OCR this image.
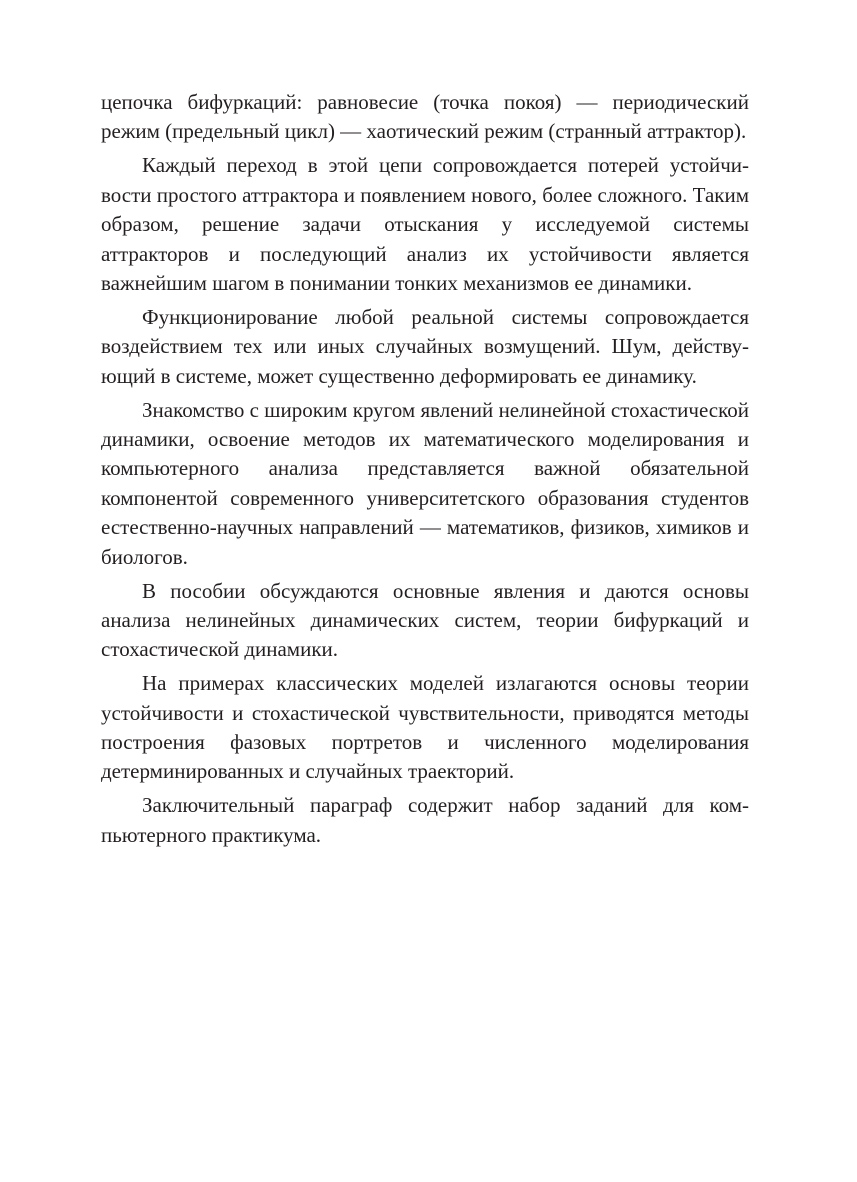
цепочка бифуркаций: равновесие (точка покоя) — периодический режим (предельный цикл) — хаотический режим (странный аттрактор).

Каждый переход в этой цепи сопровождается потерей устойчивости простого аттрактора и появлением нового, более сложного. Таким образом, решение задачи отыскания у исследуемой системы аттракторов и последующий анализ их устойчивости является важнейшим шагом в понимании тонких механизмов ее динамики.

Функционирование любой реальной системы сопровождается воздействием тех или иных случайных возмущений. Шум, действующий в системе, может существенно деформировать ее динамику.

Знакомство с широким кругом явлений нелинейной стохастической динамики, освоение методов их математического моделирования и компьютерного анализа представляется важной обязательной компонентой современного университетского образования студентов естественно-научных направлений — математиков, физиков, химиков и биологов.

В пособии обсуждаются основные явления и даются основы анализа нелинейных динамических систем, теории бифуркаций и стохастической динамики.

На примерах классических моделей излагаются основы теории устойчивости и стохастической чувствительности, приводятся методы построения фазовых портретов и численного моделирования детерминированных и случайных траекторий.

Заключительный параграф содержит набор заданий для компьютерного практикума.
